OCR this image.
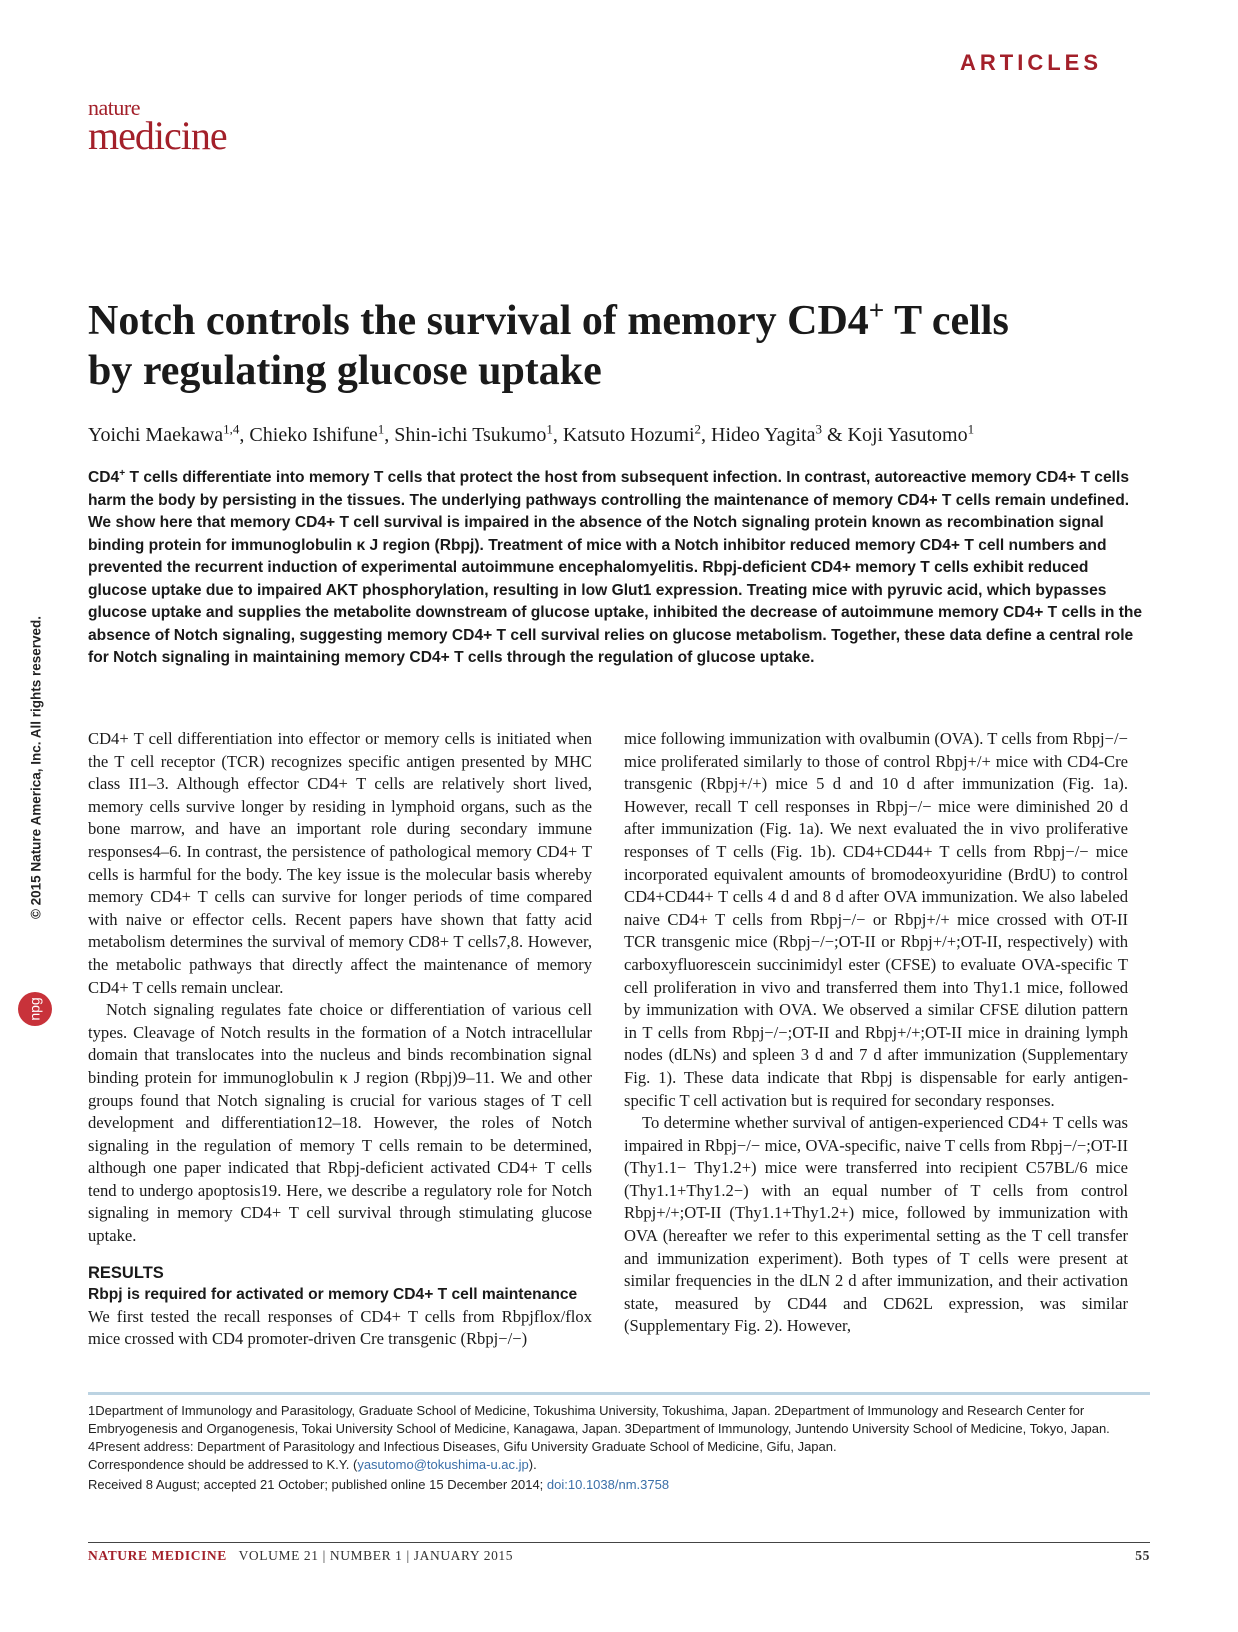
ARTICLES
nature
medicine
© 2015 Nature America, Inc. All rights reserved.
npg
Notch controls the survival of memory CD4+ T cells
by regulating glucose uptake
Yoichi Maekawa$^{1,4}$, Chieko Ishifune$^1$, Shin-ichi Tsukumo$^1$, Katsuto Hozumi$^2$, Hideo Yagita$^3$ & Koji Yasutomo$^1$
CD4+ T cells differentiate into memory T cells that protect the host from subsequent infection. In contrast, autoreactive memory CD4+ T cells harm the body by persisting in the tissues. The underlying pathways controlling the maintenance of memory CD4+ T cells remain undefined. We show here that memory CD4+ T cell survival is impaired in the absence of the Notch signaling protein known as recombination signal binding protein for immunoglobulin κ J region (Rbpj). Treatment of mice with a Notch inhibitor reduced memory CD4+ T cell numbers and prevented the recurrent induction of experimental autoimmune encephalomyelitis. Rbpj-deficient CD4+ memory T cells exhibit reduced glucose uptake due to impaired AKT phosphorylation, resulting in low Glut1 expression. Treating mice with pyruvic acid, which bypasses glucose uptake and supplies the metabolite downstream of glucose uptake, inhibited the decrease of autoimmune memory CD4+ T cells in the absence of Notch signaling, suggesting memory CD4+ T cell survival relies on glucose metabolism. Together, these data define a central role for Notch signaling in maintaining memory CD4+ T cells through the regulation of glucose uptake.

CD4+ T cell differentiation into effector or memory cells is initiated when the T cell receptor (TCR) recognizes specific antigen presented by MHC class II1–3. Although effector CD4+ T cells are relatively short lived, memory cells survive longer by residing in lymphoid organs, such as the bone marrow, and have an important role during secondary immune responses4–6. In contrast, the persistence of pathological memory CD4+ T cells is harmful for the body. The key issue is the molecular basis whereby memory CD4+ T cells can survive for longer periods of time compared with naive or effector cells. Recent papers have shown that fatty acid metabolism determines the survival of memory CD8+ T cells7,8. However, the metabolic pathways that directly affect the maintenance of memory CD4+ T cells remain unclear.

Notch signaling regulates fate choice or differentiation of various cell types. Cleavage of Notch results in the formation of a Notch intracellular domain that translocates into the nucleus and binds recombination signal binding protein for immunoglobulin κ J region (Rbpj)9–11. We and other groups found that Notch signaling is crucial for various stages of T cell development and differentiation12–18. However, the roles of Notch signaling in the regulation of memory T cells remain to be determined, although one paper indicated that Rbpj-deficient activated CD4+ T cells tend to undergo apoptosis19. Here, we describe a regulatory role for Notch signaling in memory CD4+ T cell survival through stimulating glucose uptake.

RESULTS
Rbpj is required for activated or memory CD4+ T cell maintenance

We first tested the recall responses of CD4+ T cells from Rbpjflox/flox mice crossed with CD4 promoter-driven Cre transgenic (Rbpj−/−)

mice following immunization with ovalbumin (OVA). T cells from Rbpj−/− mice proliferated similarly to those of control Rbpj+/+ mice with CD4-Cre transgenic (Rbpj+/+) mice 5 d and 10 d after immunization (Fig. 1a). However, recall T cell responses in Rbpj−/− mice were diminished 20 d after immunization (Fig. 1a). We next evaluated the in vivo proliferative responses of T cells (Fig. 1b). CD4+CD44+ T cells from Rbpj−/− mice incorporated equivalent amounts of bromodeoxyuridine (BrdU) to control CD4+CD44+ T cells 4 d and 8 d after OVA immunization. We also labeled naive CD4+ T cells from Rbpj−/− or Rbpj+/+ mice crossed with OT-II TCR transgenic mice (Rbpj−/−;OT-II or Rbpj+/+;OT-II, respectively) with carboxyfluorescein succinimidyl ester (CFSE) to evaluate OVA-specific T cell proliferation in vivo and transferred them into Thy1.1 mice, followed by immunization with OVA. We observed a similar CFSE dilution pattern in T cells from Rbpj−/−;OT-II and Rbpj+/+;OT-II mice in draining lymph nodes (dLNs) and spleen 3 d and 7 d after immunization (Supplementary Fig. 1). These data indicate that Rbpj is dispensable for early antigen-specific T cell activation but is required for secondary responses.

To determine whether survival of antigen-experienced CD4+ T cells was impaired in Rbpj−/− mice, OVA-specific, naive T cells from Rbpj−/−;OT-II (Thy1.1− Thy1.2+) mice were transferred into recipient C57BL/6 mice (Thy1.1+Thy1.2−) with an equal number of T cells from control Rbpj+/+;OT-II (Thy1.1+Thy1.2+) mice, followed by immunization with OVA (hereafter we refer to this experimental setting as the T cell transfer and immunization experiment). Both types of T cells were present at similar frequencies in the dLN 2 d after immunization, and their activation state, measured by CD44 and CD62L expression, was similar (Supplementary Fig. 2). However,

1Department of Immunology and Parasitology, Graduate School of Medicine, Tokushima University, Tokushima, Japan. 2Department of Immunology and Research Center for Embryogenesis and Organogenesis, Tokai University School of Medicine, Kanagawa, Japan. 3Department of Immunology, Juntendo University School of Medicine, Tokyo, Japan. 4Present address: Department of Parasitology and Infectious Diseases, Gifu University Graduate School of Medicine, Gifu, Japan.
Correspondence should be addressed to K.Y. (yasutomo@tokushima-u.ac.jp).
Received 8 August; accepted 21 October; published online 15 December 2014; doi:10.1038/nm.3758
NATURE MEDICINE VOLUME 21 | NUMBER 1 | JANUARY 2015	55
